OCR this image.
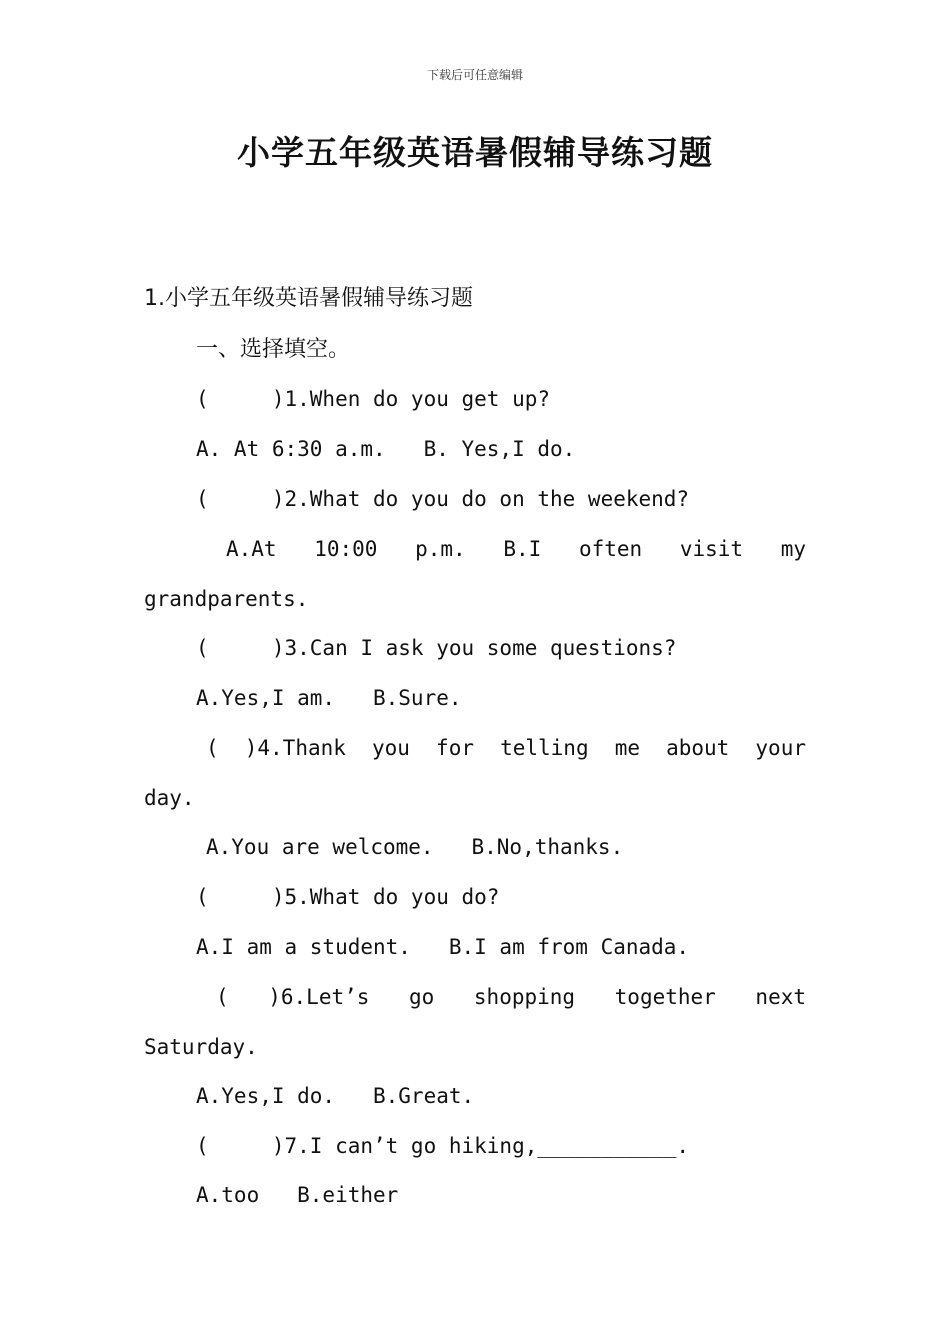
下载后可任意编辑
小学五年级英语暑假辅导练习题
1.小学五年级英语暑假辅导练习题
一、选择填空。
(     )1.When do you get up?
A. At 6:30 a.m.   B. Yes,I do.
(     )2.What do you do on the weekend?
A.At 10:00 p.m. B.I often visit my
grandparents.
(     )3.Can I ask you some questions?
A.Yes,I am.   B.Sure.
( )4.Thank you for telling me about your
day.
A.You are welcome.   B.No,thanks.
(     )5.What do you do?
A.I am a student.   B.I am from Canada.
( )6.Let’s go shopping together next
Saturday.
A.Yes,I do.   B.Great.
(     )7.I can’t go hiking,___________.
A.too   B.either
